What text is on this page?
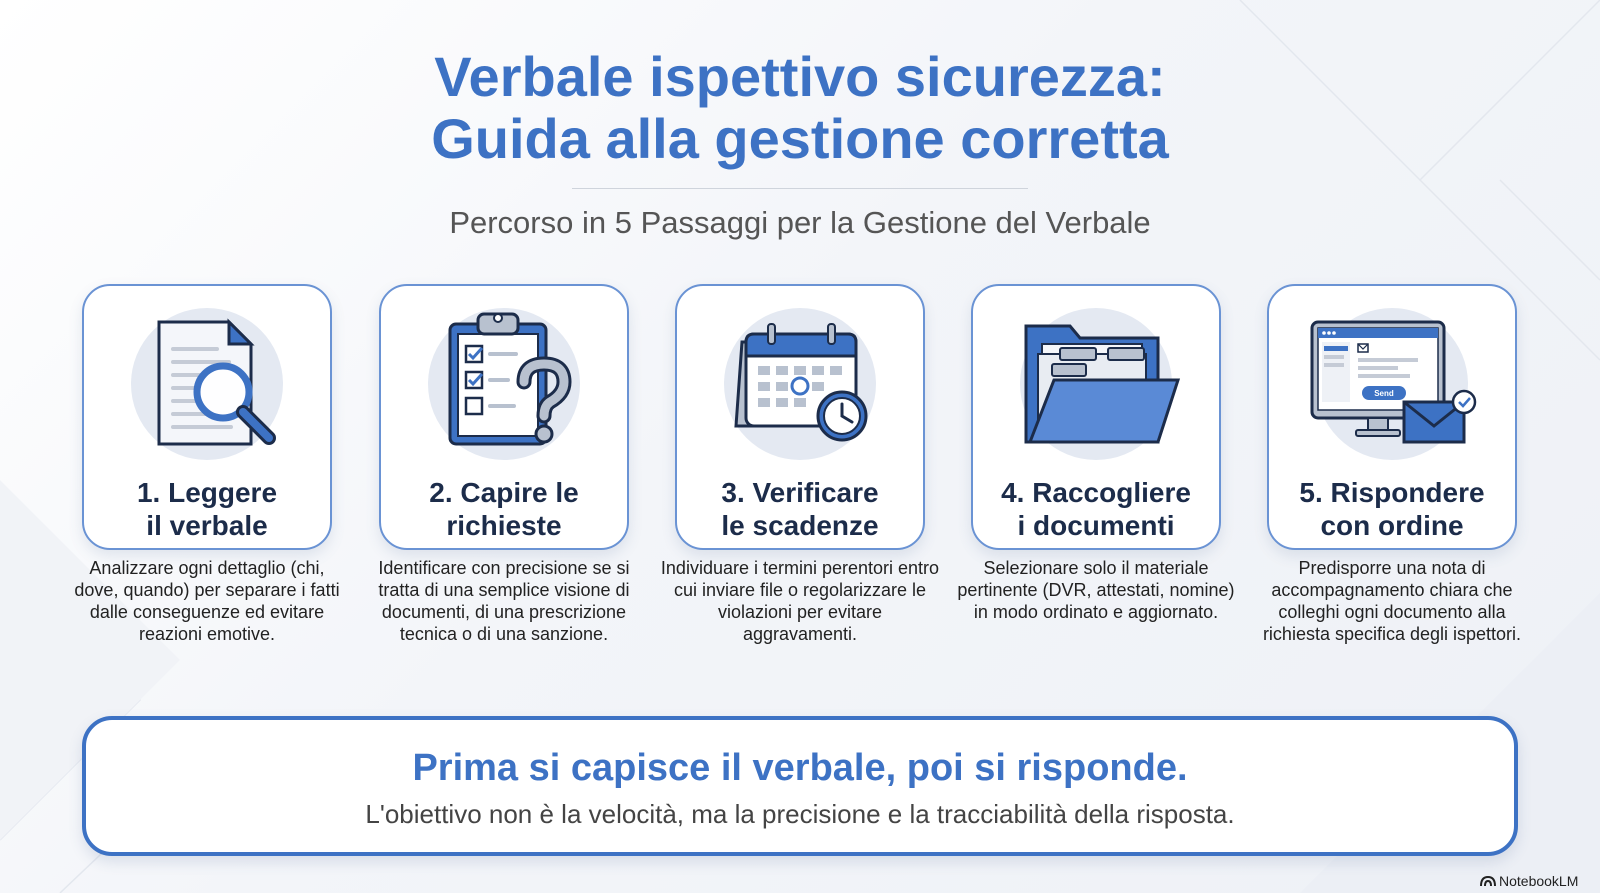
Verbale ispettivo sicurezza:
Guida alla gestione corretta
Percorso in 5 Passaggi per la Gestione del Verbale
1. Leggere
il verbale
Analizzare ogni dettaglio (chi, dove, quando) per separare i fatti dalle conseguenze ed evitare reazioni emotive.
2. Capire le
richieste
Identificare con precisione se si tratta di una semplice visione di documenti, di una prescrizione tecnica o di una sanzione.
3. Verificare
le scadenze
Individuare i termini perentori entro cui inviare file o regolarizzare le violazioni per evitare aggravamenti.
4. Raccogliere
i documenti
Selezionare solo il materiale pertinente (DVR, attestati, nomine) in modo ordinato e aggiornato.
Send
5. Rispondere
con ordine
Predisporre una nota di accompagnamento chiara che colleghi ogni documento alla richiesta specifica degli ispettori.
Prima si capisce il verbale, poi si risponde.
L'obiettivo non è la velocità, ma la precisione e la tracciabilità della risposta.
NotebookLM
